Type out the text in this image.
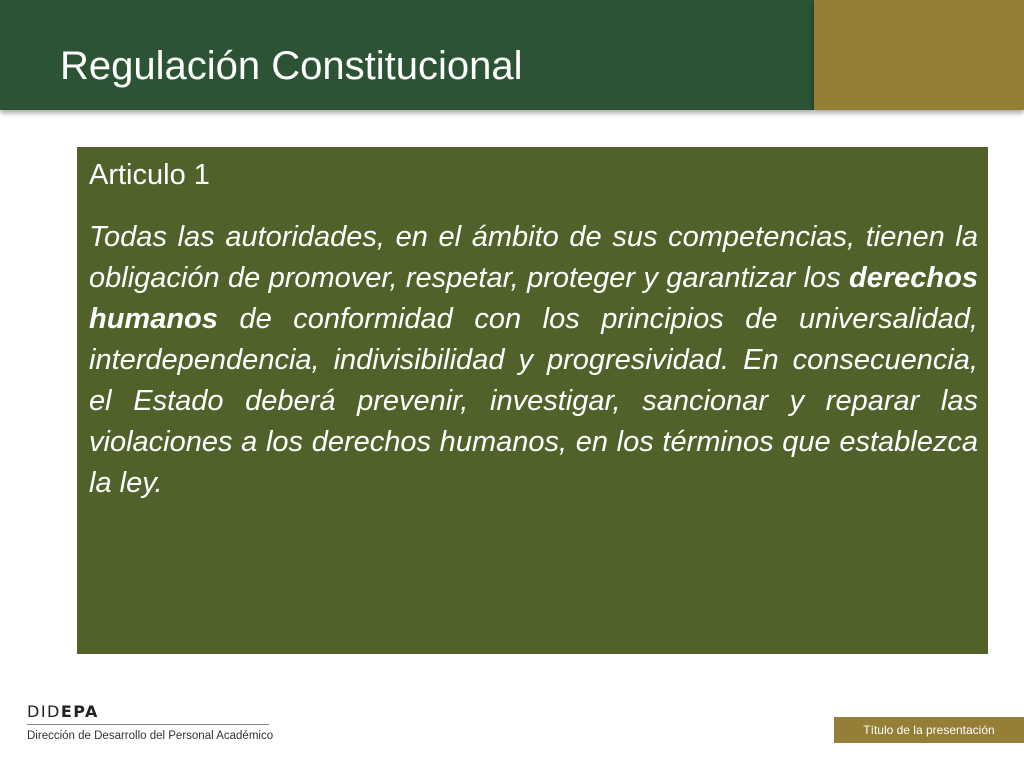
Regulación Constitucional

Articulo 1

Todas las autoridades, en el ámbito de sus competencias, tienen la obligación de promover, respetar, proteger y garantizar los derechos humanos de conformidad con los principios de universalidad, interdependencia, indivisibilidad y progresividad. En consecuencia, el Estado deberá prevenir, investigar, sancionar y reparar las violaciones a los derechos humanos, en los términos que establezca la ley.

DIDEPA
Dirección de Desarrollo del Personal Académico	Título de la presentación
